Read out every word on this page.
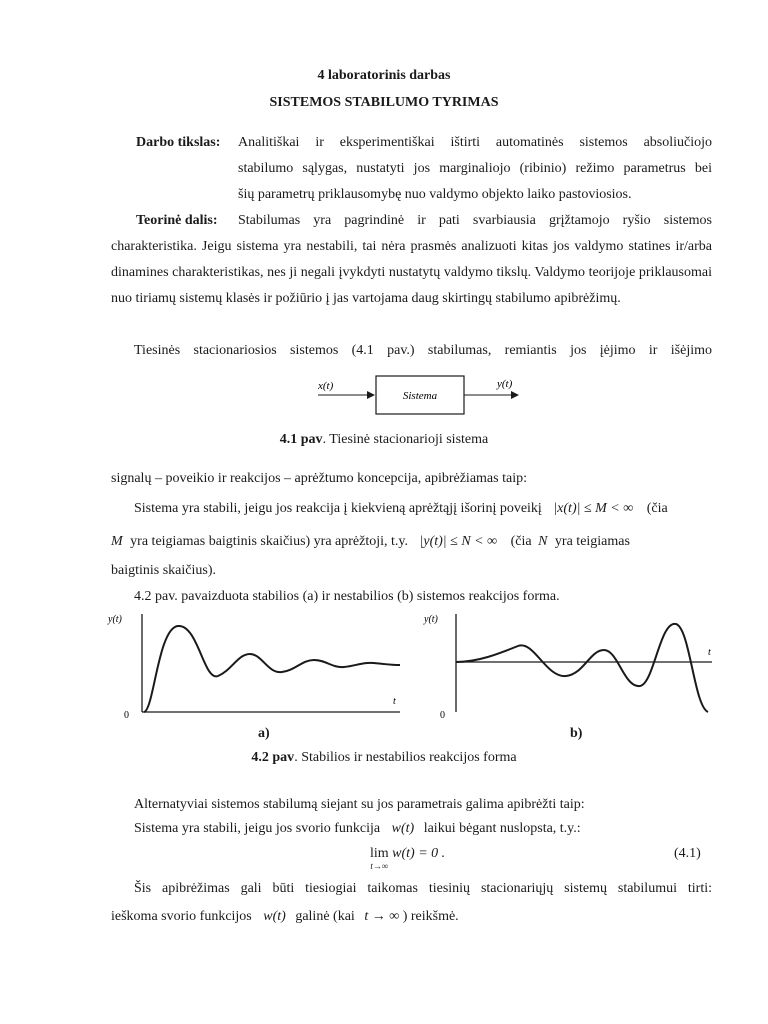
4 laboratorinis darbas
SISTEMOS STABILUMO TYRIMAS
Darbo tikslas: Analitiškai ir eksperimentiškai ištirti automatinės sistemos absoliučiojo
stabilumo sąlygas, nustatyti jos marginaliojo (ribinio) režimo parametrus bei
šių parametrų priklausomybę nuo valdymo objekto laiko pastoviosios.
Teorinė dalis: Stabilumas yra pagrindinė ir pati svarbiausia grįžtamojo ryšio sistemos
charakteristika. Jeigu sistema yra nestabili, tai nėra prasmės analizuoti kitas jos valdymo statines ir/arba dinamines charakteristikas, nes ji negali įvykdyti nustatytų valdymo tikslų. Valdymo teorijoje priklausomai nuo tiriamų sistemų klasės ir požiūrio į jas vartojama daug skirtingų stabilumo apibrėžimų.
Tiesinės stacionariosios sistemos (4.1 pav.) stabilumas, remiantis jos įėjimo ir išėjimo
x(t)	y(t)
Sistema
4.1 pav. Tiesinė stacionarioji sistema
signalų – poveikio ir reakcijos – aprėžtumo koncepcija, apibrėžiamas taip:
Sistema yra stabili, jeigu jos reakcija į kiekvieną aprėžtąjį išorinį poveikį |x(t)| ≤ M < ∞ (čia
M yra teigiamas baigtinis skaičius) yra aprėžtoji, t.y. |y(t)| ≤ N < ∞ (čia N yra teigiamas
baigtinis skaičius).
4.2 pav. pavaizduota stabilios (a) ir nestabilios (b) sistemos reakcijos forma.
y(t)
t
0
y(t)
t
0
a)	b)
4.2 pav. Stabilios ir nestabilios reakcijos forma
Alternatyviai sistemos stabilumą siejant su jos parametrais galima apibrėžti taip:
Sistema yra stabili, jeigu jos svorio funkcija w(t) laikui bėgant nuslopsta, t.y.:
lim
t→∞
w(t) = 0 .	(4.1)
Šis apibrėžimas gali būti tiesiogiai taikomas tiesinių stacionariųjų sistemų stabilumui tirti:
ieškoma svorio funkcijos w(t) galinė (kai t → ∞ ) reikšmė.
